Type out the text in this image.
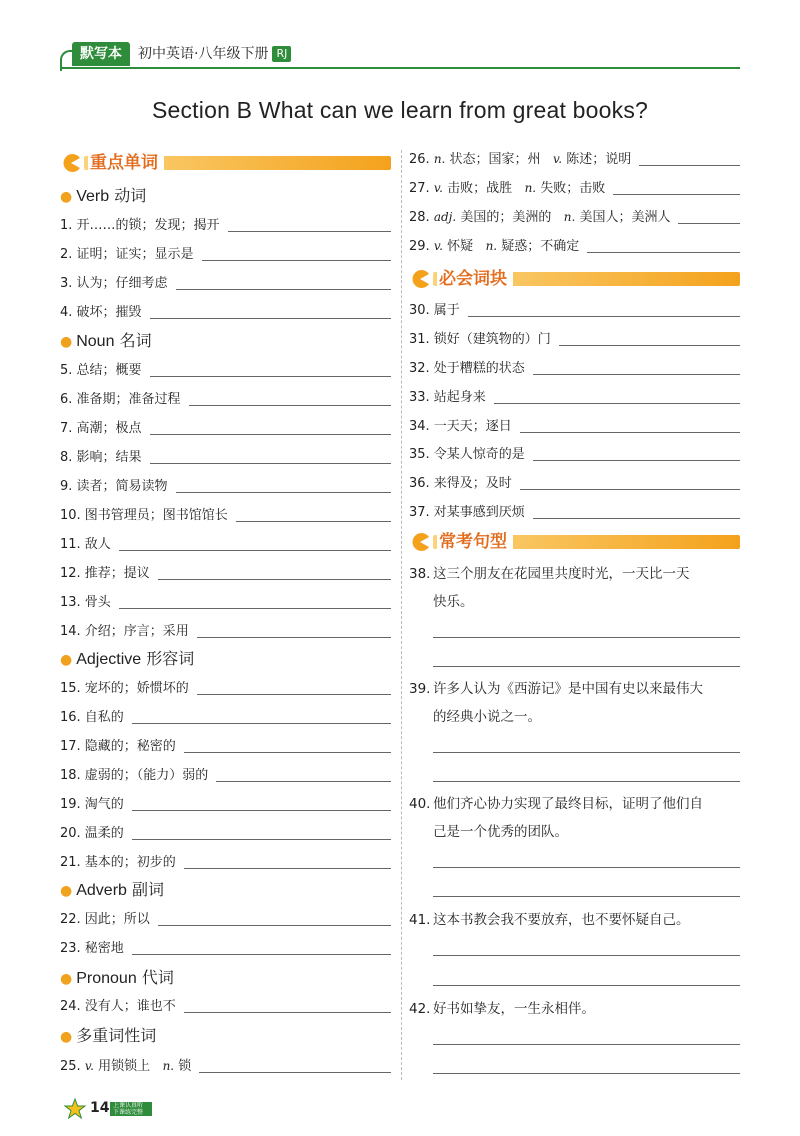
默写本	初中英语·八年级下册 RJ
Section B What can we learn from great books?
重点单词
● Verb 动词
1. 开……的锁；发现；揭开
2. 证明；证实；显示是
3. 认为；仔细考虑
4. 破坏；摧毁
● Noun 名词
5. 总结；概要
6. 准备期；准备过程
7. 高潮；极点
8. 影响；结果
9. 读者；简易读物
10. 图书管理员；图书馆馆长
11. 敌人
12. 推荐；提议
13. 骨头
14. 介绍；序言；采用
● Adjective 形容词
15. 宠坏的；娇惯坏的
16. 自私的
17. 隐藏的；秘密的
18. 虚弱的；（能力）弱的
19. 淘气的
20. 温柔的
21. 基本的；初步的
● Adverb 副词
22. 因此；所以
23. 秘密地
● Pronoun 代词
24. 没有人；谁也不
● 多重词性词
25. v. 用锁锁上 n. 锁
26. n. 状态；国家；州 v. 陈述；说明
27. v. 击败；战胜 n. 失败；击败
28. adj. 美国的；美洲的 n. 美国人；美洲人
29. v. 怀疑 n. 疑惑；不确定
必会词块
30. 属于
31. 锁好（建筑物的）门
32. 处于糟糕的状态
33. 站起身来
34. 一天天；逐日
35. 令某人惊奇的是
36. 来得及；及时
37. 对某事感到厌烦
常考句型
38. 这三个朋友在花园里共度时光，一天比一天
快乐。
39. 许多人认为《西游记》是中国有史以来最伟大
的经典小说之一。
40. 他们齐心协力实现了最终目标，证明了他们自
己是一个优秀的团队。
41. 这本书教会我不要放弃，也不要怀疑自己。
42. 好书如挚友，一生永相伴。
14 上课认真听 下课练完整
